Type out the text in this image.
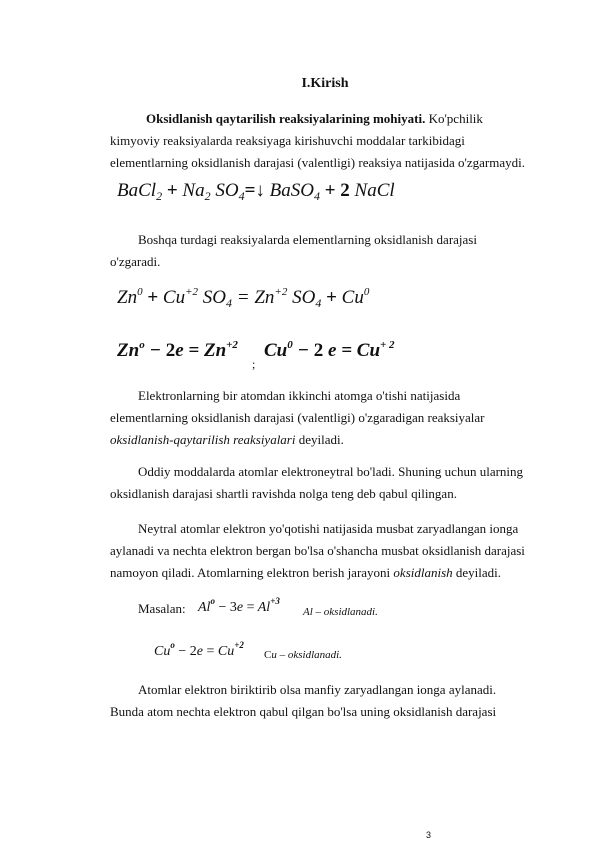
I.Kirish
Oksidlanish qaytarilish reaksiyalarining mohiyati. Ko'pchilik
kimyoviy reaksiyalarda reaksiyaga kirishuvchi moddalar tarkibidagi
elementlarning oksidlanish darajasi (valentligi) reaksiya natijasida o'zgarmaydi.
BaCl$_2$ + $Na_2$ $SO_4=↓$ BaSO$_4$ + 2 NaCl
Boshqa turdagi reaksiyalarda elementlarning oksidlanish darajasi
o'zgaradi.
$Zn^0 + Cu^{+2}$ $SO_4 = Zn^{+2}$ $SO_4 + Cu^0$
$Zn^o - 2e = Zn^{+2}$
;
$Cu^0 - 2$ $e = Cu^{+ 2}$
Elektronlarning bir atomdan ikkinchi atomga o'tishi natijasida
elementlarning oksidlanish darajasi (valentligi) o'zgaradigan reaksiyalar
oksidlanish-qaytarilish reaksiyalari deyiladi.
Oddiy moddalarda atomlar elektroneytral bo'ladi. Shuning uchun ularning
oksidlanish darajasi shartli ravishda nolga teng deb qabul qilingan.
Neytral atomlar elektron yo'qotishi natijasida musbat zaryadlangan ionga
aylanadi va nechta elektron bergan bo'lsa o'shancha musbat oksidlanish darajasi
namoyon qiladi. Atomlarning elektron berish jarayoni oksidlanish deyiladi.
Masalan: $Al^o - 3e = Al^{+3}$
Al – oksidlanadi.
$Cu^o - 2e = Cu^{+2}$
Cu – oksidlanadi.
Atomlar elektron biriktirib olsa manfiy zaryadlangan ionga aylanadi.
Bunda atom nechta elektron qabul qilgan bo'lsa uning oksidlanish darajasi
3
